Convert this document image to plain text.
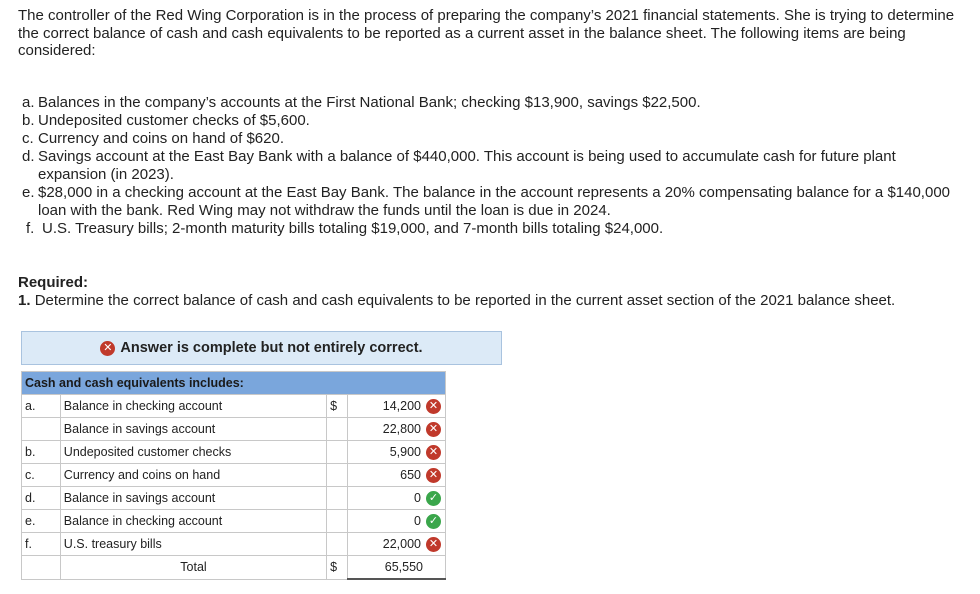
The controller of the Red Wing Corporation is in the process of preparing the company’s 2021 financial statements. She is trying to determine the correct balance of cash and cash equivalents to be reported as a current asset in the balance sheet. The following items are being considered:
a. Balances in the company’s accounts at the First National Bank; checking $13,900, savings $22,500.
b. Undeposited customer checks of $5,600.
c. Currency and coins on hand of $620.
d. Savings account at the East Bay Bank with a balance of $440,000. This account is being used to accumulate cash for future plant expansion (in 2023).
e. $28,000 in a checking account at the East Bay Bank. The balance in the account represents a 20% compensating balance for a $140,000 loan with the bank. Red Wing may not withdraw the funds until the loan is due in 2024.
f. U.S. Treasury bills; 2-month maturity bills totaling $19,000, and 7-month bills totaling $24,000.
Required:
1. Determine the correct balance of cash and cash equivalents to be reported in the current asset section of the 2021 balance sheet.
✕ Answer is complete but not entirely correct.
Cash and cash equivalents includes:			
a.	Balance in checking account	$	14,200 ✕

	Balance in savings account		22,800 ✕

b.	Undeposited customer checks		5,900 ✕

c.	Currency and coins on hand		650 ✕

d.	Balance in savings account		0 ✓

e.	Balance in checking account		0 ✓

f.	U.S. treasury bills		22,000 ✕

	Total	$	65,550
